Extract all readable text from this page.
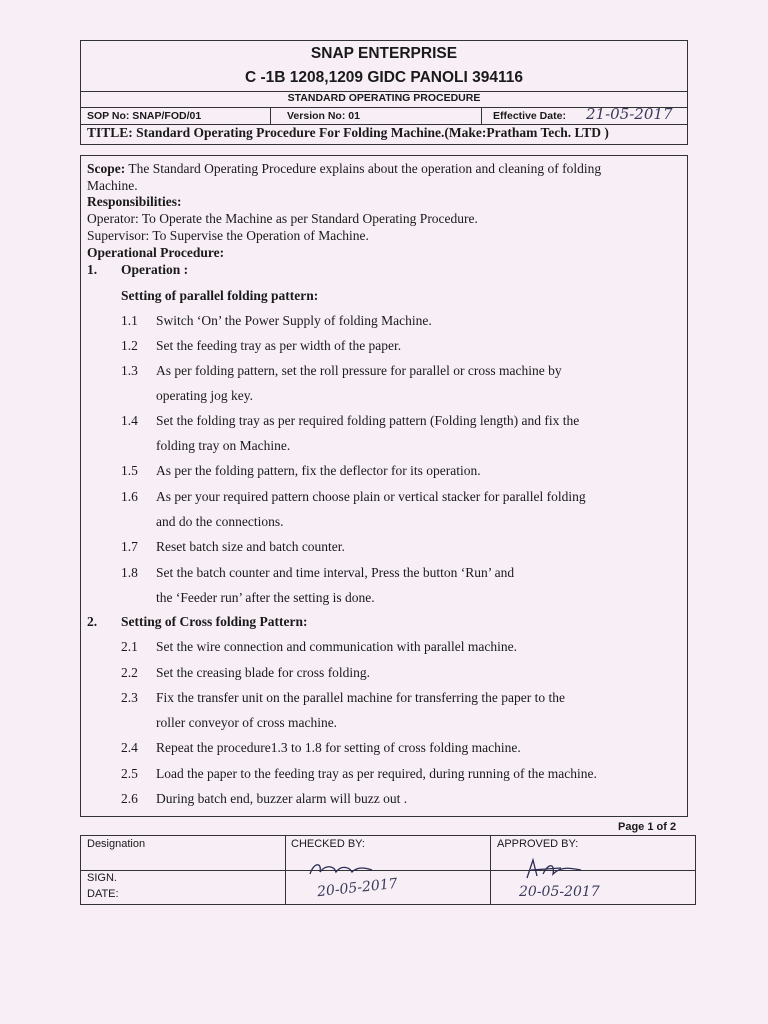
SNAP ENTERPRISE
C -1B 1208,1209 GIDC PANOLI 394116
STANDARD OPERATING PROCEDURE
SOP No: SNAP/FOD/01	Version No: 01	Effective Date: 21-05-2017
TITLE: Standard Operating Procedure For Folding Machine.(Make:Pratham Tech. LTD )
Scope: The Standard Operating Procedure explains about the operation and cleaning of folding
Machine.
Responsibilities:
Operator: To Operate the Machine as per Standard Operating Procedure.
Supervisor: To Supervise the Operation of Machine.
Operational Procedure:
1. Operation :
Setting of parallel folding pattern:
1.1 Switch ‘On’ the Power Supply of folding Machine.
1.2 Set the feeding tray as per width of the paper.
1.3 As per folding pattern, set the roll pressure for parallel or cross machine by
operating jog key.
1.4 Set the folding tray as per required folding pattern (Folding length) and fix the
folding tray on Machine.
1.5 As per the folding pattern, fix the deflector for its operation.
1.6 As per your required pattern choose plain or vertical stacker for parallel folding
and do the connections.
1.7 Reset batch size and batch counter.
1.8 Set the batch counter and time interval, Press the button ‘Run’ and
the ‘Feeder run’ after the setting is done.
2. Setting of Cross folding Pattern:
2.1 Set the wire connection and communication with parallel machine.
2.2 Set the creasing blade for cross folding.
2.3 Fix the transfer unit on the parallel machine for transferring the paper to the
roller conveyor of cross machine.
2.4 Repeat the procedure1.3 to 1.8 for setting of cross folding machine.
2.5 Load the paper to the feeding tray as per required, during running of the machine.
2.6 During batch end, buzzer alarm will buzz out .
Page 1 of 2
Designation	CHECKED BY:	APPROVED BY:
SIGN.
DATE:	20-05-2017	20-05-2017
